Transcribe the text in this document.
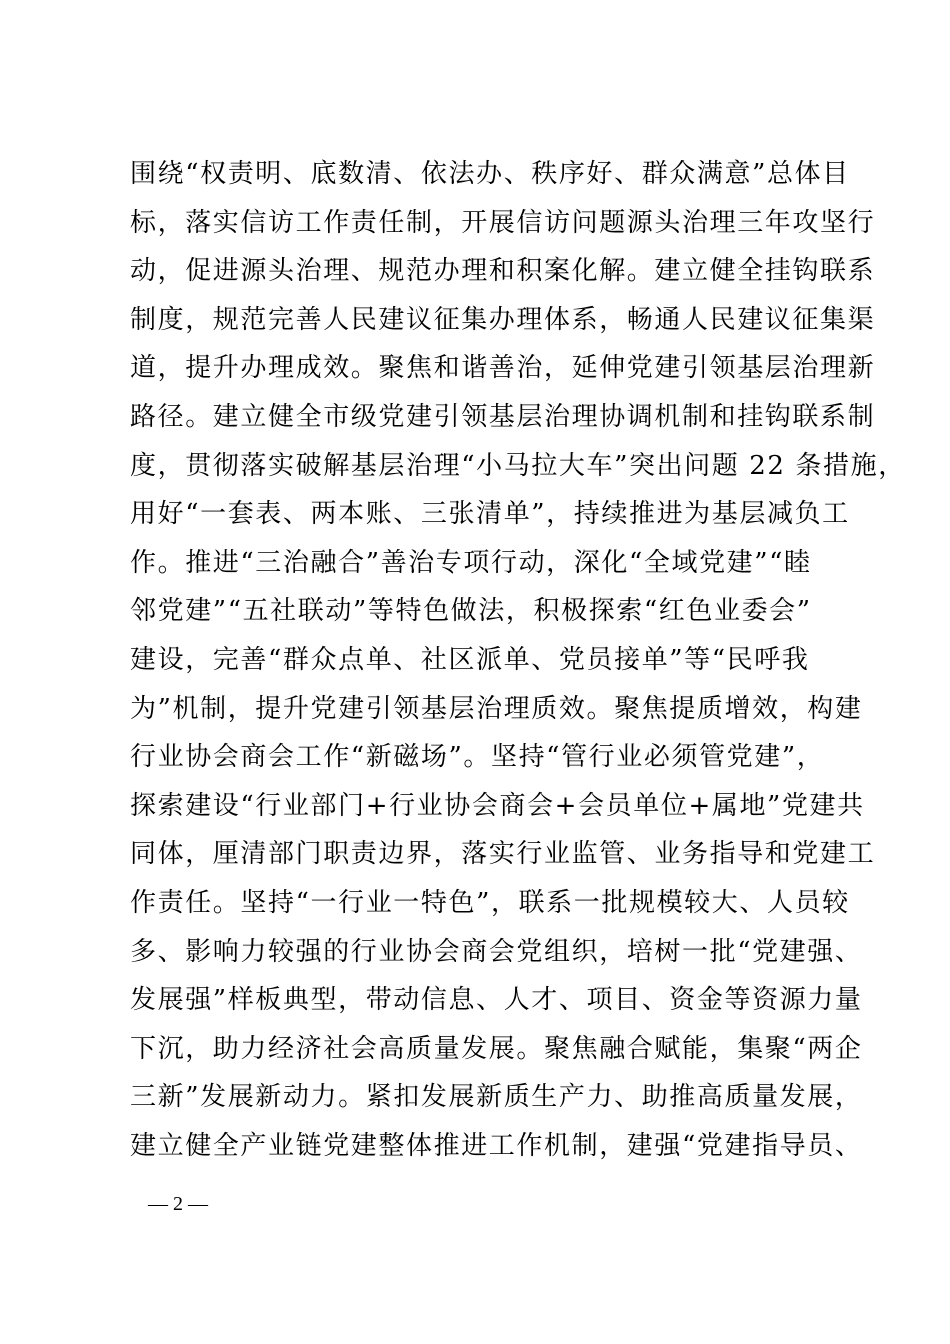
围绕“权责明、底数清、依法办、秩序好、群众满意”总体目
标，落实信访工作责任制，开展信访问题源头治理三年攻坚行
动，促进源头治理、规范办理和积案化解。建立健全挂钩联系
制度，规范完善人民建议征集办理体系，畅通人民建议征集渠
道，提升办理成效。聚焦和谐善治，延伸党建引领基层治理新
路径。建立健全市级党建引领基层治理协调机制和挂钩联系制
度，贯彻落实破解基层治理“小马拉大车”突出问题 22 条措施，
用好“一套表、两本账、三张清单”，持续推进为基层减负工
作。推进“三治融合”善治专项行动，深化“全域党建”“睦
邻党建”“五社联动”等特色做法，积极探索“红色业委会”
建设，完善“群众点单、社区派单、党员接单”等“民呼我
为”机制，提升党建引领基层治理质效。聚焦提质增效，构建
行业协会商会工作“新磁场”。坚持“管行业必须管党建”，
探索建设“行业部门+行业协会商会+会员单位+属地”党建共
同体，厘清部门职责边界，落实行业监管、业务指导和党建工
作责任。坚持“一行业一特色”，联系一批规模较大、人员较
多、影响力较强的行业协会商会党组织，培树一批“党建强、
发展强”样板典型，带动信息、人才、项目、资金等资源力量
下沉，助力经济社会高质量发展。聚焦融合赋能，集聚“两企
三新”发展新动力。紧扣发展新质生产力、助推高质量发展，
建立健全产业链党建整体推进工作机制，建强“党建指导员、
— 2 —
